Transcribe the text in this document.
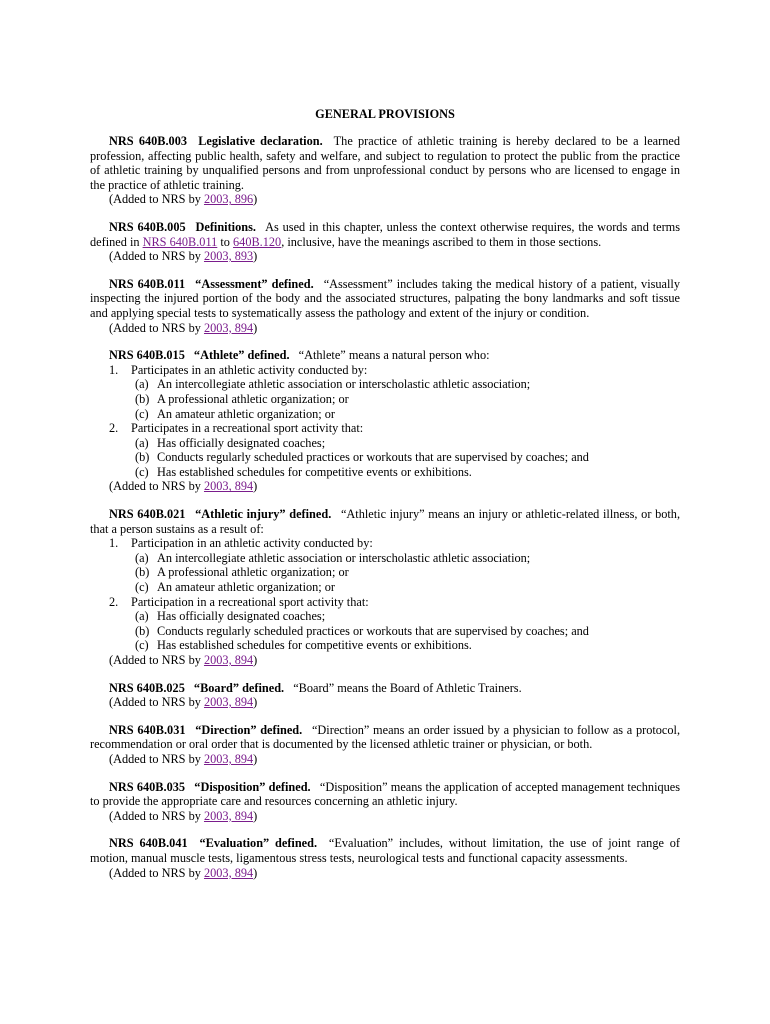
GENERAL PROVISIONS

NRS 640B.003 Legislative declaration. The practice of athletic training is hereby declared to be a learned profession, affecting public health, safety and welfare, and subject to regulation to protect the public from the practice of athletic training by unqualified persons and from unprofessional conduct by persons who are licensed to engage in the practice of athletic training.

(Added to NRS by 2003, 896)

NRS 640B.005 Definitions. As used in this chapter, unless the context otherwise requires, the words and terms defined in NRS 640B.011 to 640B.120, inclusive, have the meanings ascribed to them in those sections.

(Added to NRS by 2003, 893)

NRS 640B.011 “Assessment” defined. “Assessment” includes taking the medical history of a patient, visually inspecting the injured portion of the body and the associated structures, palpating the bony landmarks and soft tissue and applying special tests to systematically assess the pathology and extent of the injury or condition.

(Added to NRS by 2003, 894)

NRS 640B.015 “Athlete” defined. “Athlete” means a natural person who:

1. Participates in an athletic activity conducted by:

(a) An intercollegiate athletic association or interscholastic athletic association;

(b) A professional athletic organization; or

(c) An amateur athletic organization; or

2. Participates in a recreational sport activity that:

(a) Has officially designated coaches;

(b) Conducts regularly scheduled practices or workouts that are supervised by coaches; and

(c) Has established schedules for competitive events or exhibitions.

(Added to NRS by 2003, 894)

NRS 640B.021 “Athletic injury” defined. “Athletic injury” means an injury or athletic-related illness, or both, that a person sustains as a result of:

1. Participation in an athletic activity conducted by:

(a) An intercollegiate athletic association or interscholastic athletic association;

(b) A professional athletic organization; or

(c) An amateur athletic organization; or

2. Participation in a recreational sport activity that:

(a) Has officially designated coaches;

(b) Conducts regularly scheduled practices or workouts that are supervised by coaches; and

(c) Has established schedules for competitive events or exhibitions.

(Added to NRS by 2003, 894)

NRS 640B.025 “Board” defined. “Board” means the Board of Athletic Trainers.

(Added to NRS by 2003, 894)

NRS 640B.031 “Direction” defined. “Direction” means an order issued by a physician to follow as a protocol, recommendation or oral order that is documented by the licensed athletic trainer or physician, or both.

(Added to NRS by 2003, 894)

NRS 640B.035 “Disposition” defined. “Disposition” means the application of accepted management techniques to provide the appropriate care and resources concerning an athletic injury.

(Added to NRS by 2003, 894)

NRS 640B.041 “Evaluation” defined. “Evaluation” includes, without limitation, the use of joint range of motion, manual muscle tests, ligamentous stress tests, neurological tests and functional capacity assessments.

(Added to NRS by 2003, 894)
